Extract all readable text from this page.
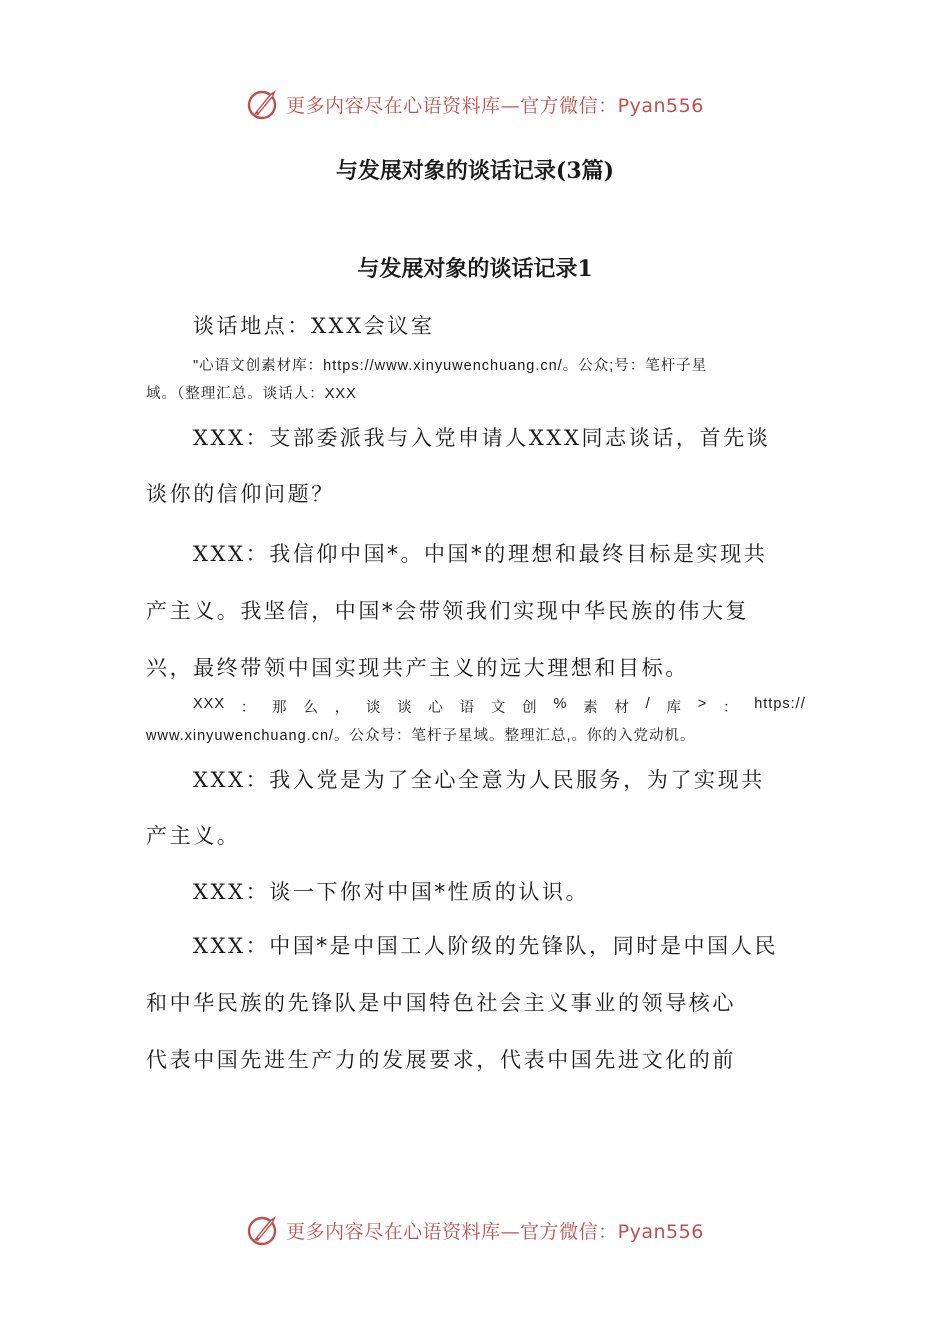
更多内容尽在心语资料库—官方微信：Pyan556
与发展对象的谈话记录(3篇)
与发展对象的谈话记录1
谈话地点：XXX会议室
"心语文创素材库：https://www.xinyuwenchuang.cn/。公众;号：笔杆子星
域。（整理汇总。谈话人：XXX
XXX：支部委派我与入党申请人XXX同志谈话，首先谈
谈你的信仰问题？
XXX：我信仰中国*。中国*的理想和最终目标是实现共
产主义。我坚信，中国*会带领我们实现中华民族的伟大复
兴，最终带领中国实现共产主义的远大理想和目标。
XXX ： 那 么 ， 谈 谈 心 语 文 创 % 素 材 / 库 > ： https://
www.xinyuwenchuang.cn/。公众号：笔杆子星域。整理汇总,。你的入党动机。
XXX：我入党是为了全心全意为人民服务，为了实现共
产主义。
XXX：谈一下你对中国*性质的认识。
XXX：中国*是中国工人阶级的先锋队，同时是中国人民
和中华民族的先锋队是中国特色社会主义事业的领导核心
代表中国先进生产力的发展要求，代表中国先进文化的前
更多内容尽在心语资料库—官方微信：Pyan556
